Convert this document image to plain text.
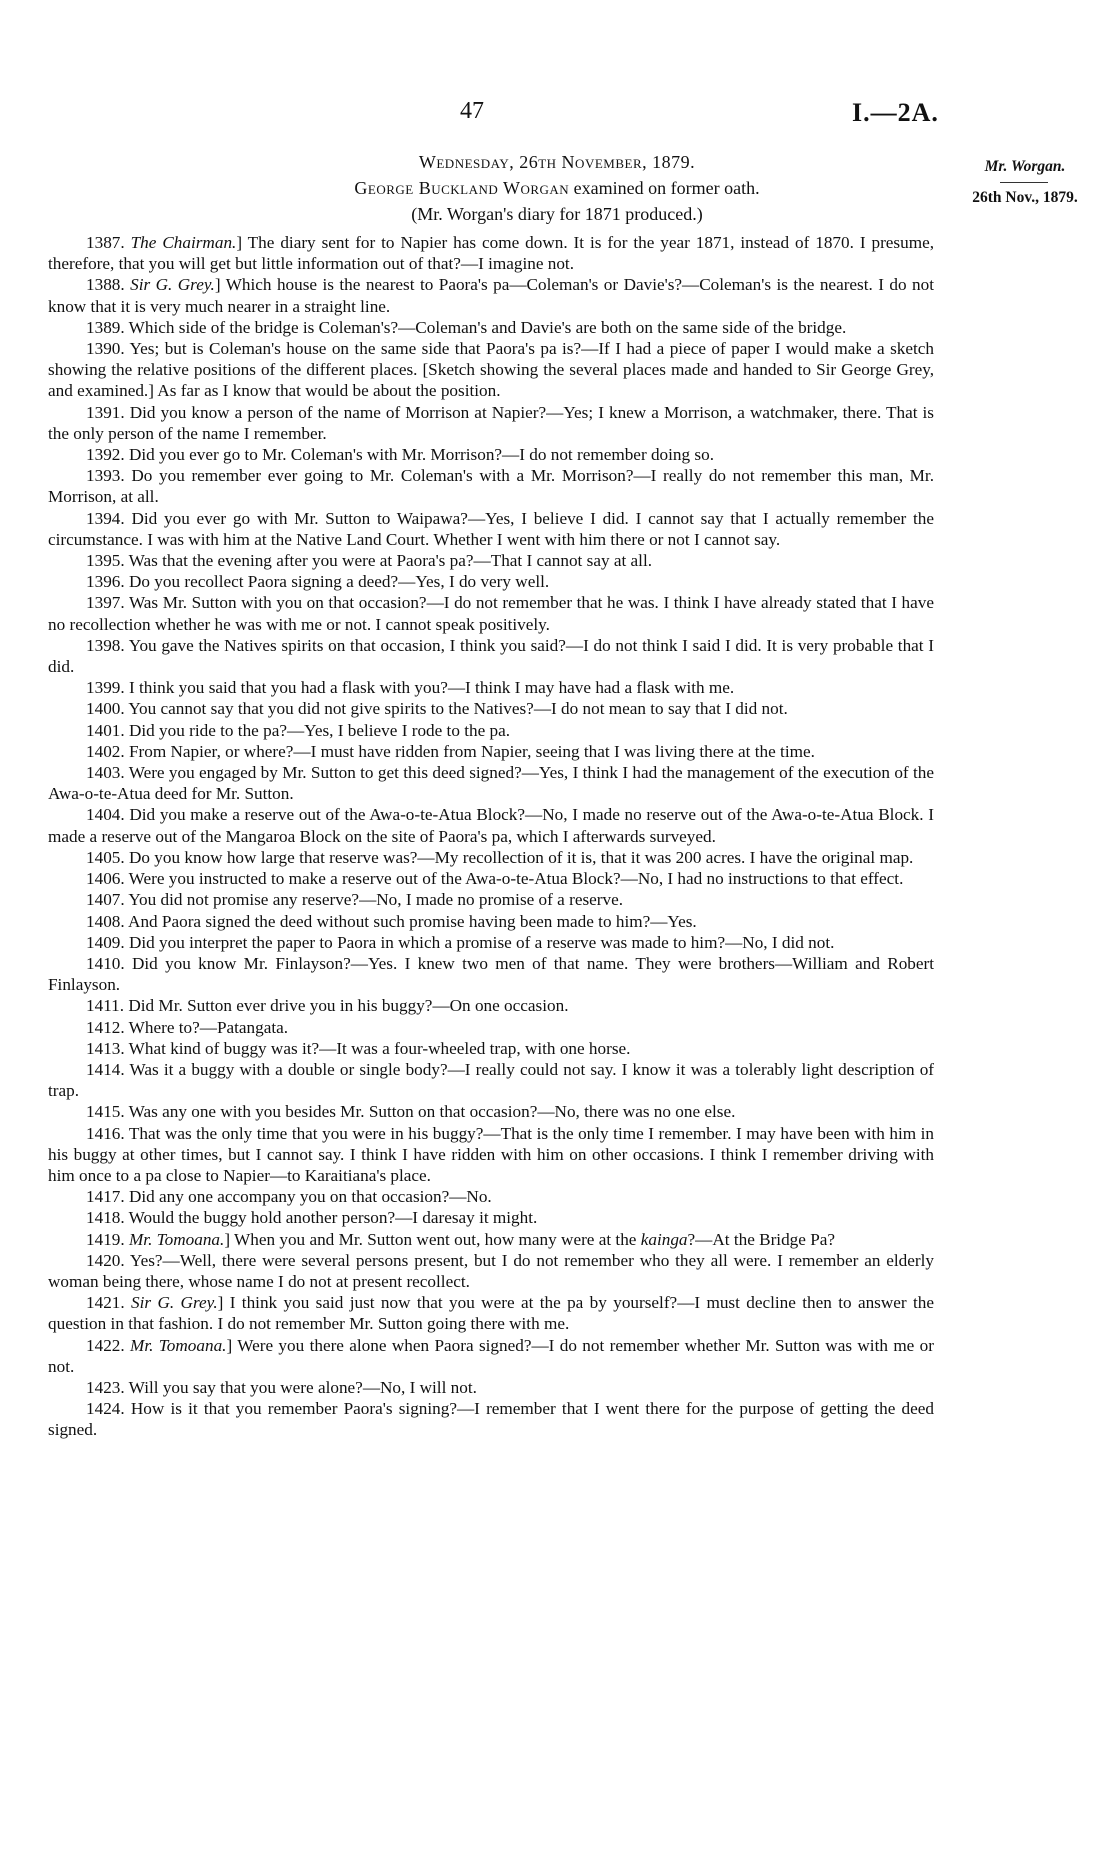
47	I.—2A.
Mr. Worgan.
26th Nov., 1879.
Wednesday, 26th November, 1879.
George Buckland Worgan examined on former oath.
(Mr. Worgan's diary for 1871 produced.)

1387. The Chairman.] The diary sent for to Napier has come down. It is for the year 1871, instead of 1870. I presume, therefore, that you will get but little information out of that?—I imagine not.

1388. Sir G. Grey.] Which house is the nearest to Paora's pa—Coleman's or Davie's?—Coleman's is the nearest. I do not know that it is very much nearer in a straight line.

1389. Which side of the bridge is Coleman's?—Coleman's and Davie's are both on the same side of the bridge.

1390. Yes; but is Coleman's house on the same side that Paora's pa is?—If I had a piece of paper I would make a sketch showing the relative positions of the different places. [Sketch showing the several places made and handed to Sir George Grey, and examined.] As far as I know that would be about the position.

1391. Did you know a person of the name of Morrison at Napier?—Yes; I knew a Morrison, a watchmaker, there. That is the only person of the name I remember.

1392. Did you ever go to Mr. Coleman's with Mr. Morrison?—I do not remember doing so.

1393. Do you remember ever going to Mr. Coleman's with a Mr. Morrison?—I really do not remember this man, Mr. Morrison, at all.

1394. Did you ever go with Mr. Sutton to Waipawa?—Yes, I believe I did. I cannot say that I actually remember the circumstance. I was with him at the Native Land Court. Whether I went with him there or not I cannot say.

1395. Was that the evening after you were at Paora's pa?—That I cannot say at all.

1396. Do you recollect Paora signing a deed?—Yes, I do very well.

1397. Was Mr. Sutton with you on that occasion?—I do not remember that he was. I think I have already stated that I have no recollection whether he was with me or not. I cannot speak positively.

1398. You gave the Natives spirits on that occasion, I think you said?—I do not think I said I did. It is very probable that I did.

1399. I think you said that you had a flask with you?—I think I may have had a flask with me.

1400. You cannot say that you did not give spirits to the Natives?—I do not mean to say that I did not.

1401. Did you ride to the pa?—Yes, I believe I rode to the pa.

1402. From Napier, or where?—I must have ridden from Napier, seeing that I was living there at the time.

1403. Were you engaged by Mr. Sutton to get this deed signed?—Yes, I think I had the management of the execution of the Awa-o-te-Atua deed for Mr. Sutton.

1404. Did you make a reserve out of the Awa-o-te-Atua Block?—No, I made no reserve out of the Awa-o-te-Atua Block. I made a reserve out of the Mangaroa Block on the site of Paora's pa, which I afterwards surveyed.

1405. Do you know how large that reserve was?—My recollection of it is, that it was 200 acres. I have the original map.

1406. Were you instructed to make a reserve out of the Awa-o-te-Atua Block?—No, I had no instructions to that effect.

1407. You did not promise any reserve?—No, I made no promise of a reserve.

1408. And Paora signed the deed without such promise having been made to him?—Yes.

1409. Did you interpret the paper to Paora in which a promise of a reserve was made to him?—No, I did not.

1410. Did you know Mr. Finlayson?—Yes. I knew two men of that name. They were brothers—William and Robert Finlayson.

1411. Did Mr. Sutton ever drive you in his buggy?—On one occasion.

1412. Where to?—Patangata.

1413. What kind of buggy was it?—It was a four-wheeled trap, with one horse.

1414. Was it a buggy with a double or single body?—I really could not say. I know it was a tolerably light description of trap.

1415. Was any one with you besides Mr. Sutton on that occasion?—No, there was no one else.

1416. That was the only time that you were in his buggy?—That is the only time I remember. I may have been with him in his buggy at other times, but I cannot say. I think I have ridden with him on other occasions. I think I remember driving with him once to a pa close to Napier—to Karaitiana's place.

1417. Did any one accompany you on that occasion?—No.

1418. Would the buggy hold another person?—I daresay it might.

1419. Mr. Tomoana.] When you and Mr. Sutton went out, how many were at the kainga?—At the Bridge Pa?

1420. Yes?—Well, there were several persons present, but I do not remember who they all were. I remember an elderly woman being there, whose name I do not at present recollect.

1421. Sir G. Grey.] I think you said just now that you were at the pa by yourself?—I must decline then to answer the question in that fashion. I do not remember Mr. Sutton going there with me.

1422. Mr. Tomoana.] Were you there alone when Paora signed?—I do not remember whether Mr. Sutton was with me or not.

1423. Will you say that you were alone?—No, I will not.

1424. How is it that you remember Paora's signing?—I remember that I went there for the purpose of getting the deed signed.
